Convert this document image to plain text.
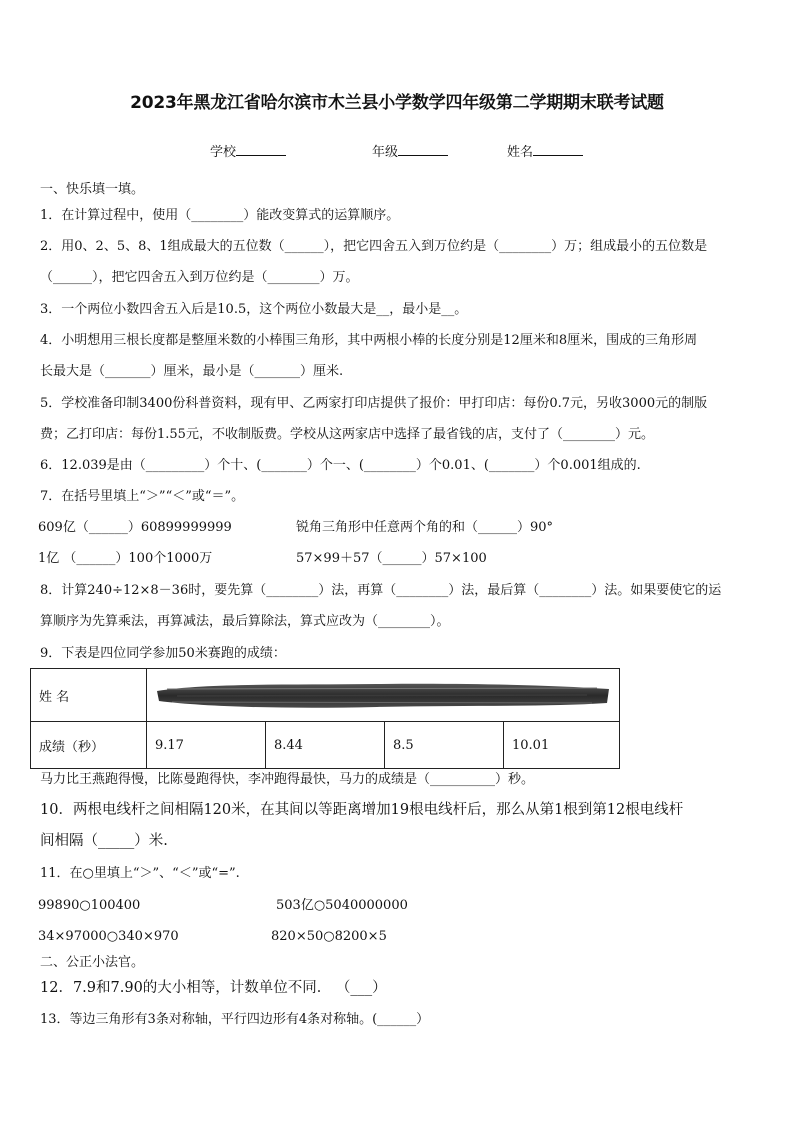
2023年黑龙江省哈尔滨市木兰县小学数学四年级第二学期期末联考试题
学校	年级	姓名
一、快乐填一填。
1．在计算过程中，使用（________）能改变算式的运算顺序。
2．用0、2、5、8、1组成最大的五位数（______），把它四舍五入到万位约是（________）万；组成最小的五位数是
（______），把它四舍五入到万位约是（________）万。
3．一个两位小数四舍五入后是10.5，这个两位小数最大是__，最小是__。
4．小明想用三根长度都是整厘米数的小棒围三角形，其中两根小棒的长度分别是12厘米和8厘米，围成的三角形周
长最大是（_______）厘米，最小是（_______）厘米.
5．学校准备印制3400份科普资料，现有甲、乙两家打印店提供了报价：甲打印店：每份0.7元，另收3000元的制版
费；乙打印店：每份1.55元，不收制版费。学校从这两家店中选择了最省钱的店，支付了（________）元。
6．12.039是由（_________）个十、(_______）个一、(________）个0.01、(_______）个0.001组成的.
7．在括号里填上“＞”“＜”或“＝”。
609亿（______）60899999999	锐角三角形中任意两个角的和（______）90°
1亿 （______）100个1000万	57×99＋57（______）57×100
8．计算240÷12×8－36时，要先算（________）法，再算（________）法，最后算（________）法。如果要使它的运
算顺序为先算乘法，再算减法，最后算除法，算式应改为（________）。
9．下表是四位同学参加50米赛跑的成绩：
姓 名	

成绩（秒）	9.17	8.44	8.5	10.01
马力比王燕跑得慢，比陈曼跑得快，李冲跑得最快，马力的成绩是（__________）秒。
10．两根电线杆之间相隔120米，在其间以等距离增加19根电线杆后，那么从第1根到第12根电线杆
间相隔（_____）米.
11．在○里填上“＞”、“＜”或“=”.
99890○100400	503亿○5040000000
34×97000○340×970	820×50○8200×5
二、公正小法官。
12．7.9和7.90的大小相等，计数单位不同． （___）
13．等边三角形有3条对称轴，平行四边形有4条对称轴。(______）
